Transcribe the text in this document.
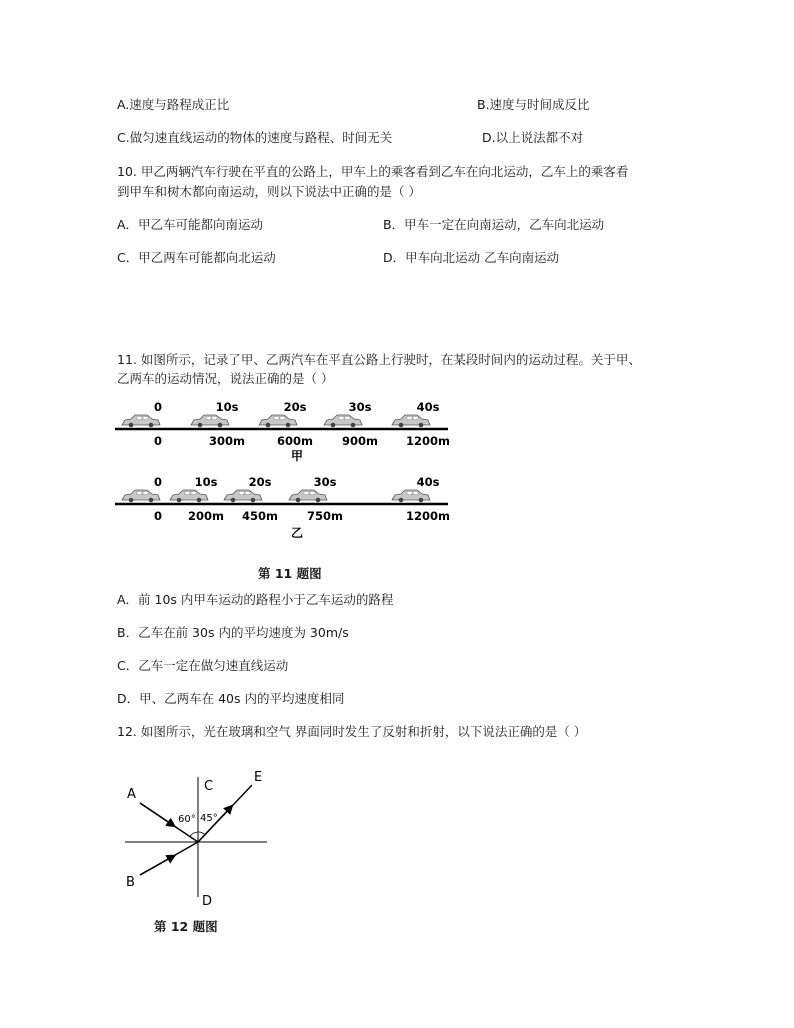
A.速度与路程成正比	B.速度与时间成反比
C.做匀速直线运动的物体的速度与路程、时间无关	D.以上说法都不对
10. 甲乙两辆汽车行驶在平直的公路上，甲车上的乘客看到乙车在向北运动，乙车上的乘客看
到甲车和树木都向南运动，则以下说法中正确的是（ ）
A．甲乙车可能都向南运动	B．甲车一定在向南运动，乙车向北运动
C．甲乙两车可能都向北运动	D．甲车向北运动 乙车向南运动
11. 如图所示，记录了甲、乙两汽车在平直公路上行驶时，在某段时间内的运动过程。关于甲、
乙两车的运动情况，说法正确的是（ ）
0
0
10s
300m
20s
600m
30s
900m
40s
1200m
0
0
10s
200m
20s
450m
30s
750m
40s
1200m
甲
乙
第 11 题图
A．前 10s 内甲车运动的路程小于乙车运动的路程
B．乙车在前 30s 内的平均速度为 30m/s
C．乙车一定在做匀速直线运动
D．甲、乙两车在 40s 内的平均速度相同
12. 如图所示，光在玻璃和空气 界面同时发生了反射和折射，以下说法正确的是（ ）
A
B
C
D
E
60° 45°
第 12 题图
